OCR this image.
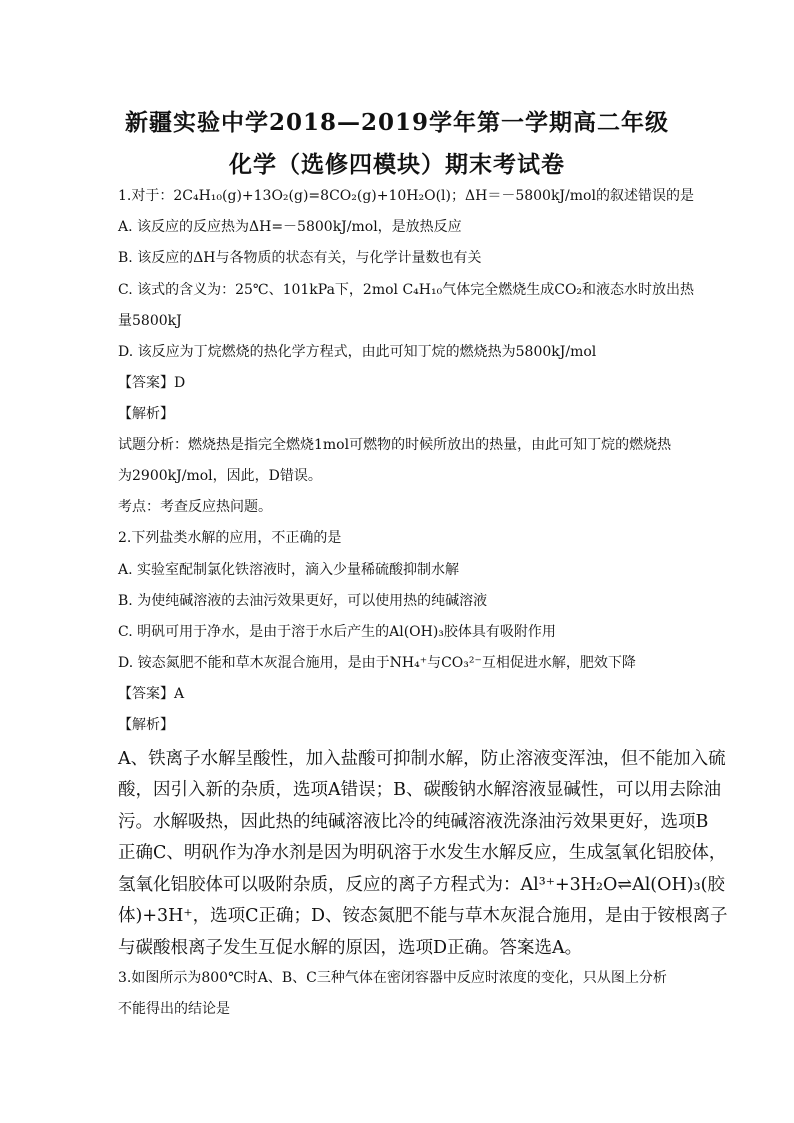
新疆实验中学2018—2019学年第一学期高二年级
化学（选修四模块）期末考试卷
1.对于：2C₄H₁₀(g)+13O₂(g)=8CO₂(g)+10H₂O(l)；ΔH＝－5800kJ/mol的叙述错误的是
A. 该反应的反应热为ΔH=－5800kJ/mol，是放热反应
B. 该反应的ΔH与各物质的状态有关，与化学计量数也有关
C. 该式的含义为：25℃、101kPa下，2mol C₄H₁₀气体完全燃烧生成CO₂和液态水时放出热
量5800kJ
D. 该反应为丁烷燃烧的热化学方程式，由此可知丁烷的燃烧热为5800kJ/mol
【答案】D
【解析】
试题分析：燃烧热是指完全燃烧1mol可燃物的时候所放出的热量，由此可知丁烷的燃烧热
为2900kJ/mol，因此，D错误。
考点：考查反应热问题。
2.下列盐类水解的应用，不正确的是
A. 实验室配制氯化铁溶液时，滴入少量稀硫酸抑制水解
B. 为使纯碱溶液的去油污效果更好，可以使用热的纯碱溶液
C. 明矾可用于净水，是由于溶于水后产生的Al(OH)₃胶体具有吸附作用
D. 铵态氮肥不能和草木灰混合施用，是由于NH₄⁺与CO₃²⁻互相促进水解，肥效下降
【答案】A
【解析】
A、铁离子水解呈酸性，加入盐酸可抑制水解，防止溶液变浑浊，但不能加入硫
酸，因引入新的杂质，选项A错误；B、碳酸钠水解溶液显碱性，可以用去除油
污。水解吸热，因此热的纯碱溶液比冷的纯碱溶液洗涤油污效果更好，选项B
正确C、明矾作为净水剂是因为明矾溶于水发生水解反应，生成氢氧化铝胶体，
氢氧化铝胶体可以吸附杂质，反应的离子方程式为：Al³⁺+3H₂O⇌Al(OH)₃(胶
体)+3H⁺，选项C正确；D、铵态氮肥不能与草木灰混合施用，是由于铵根离子
与碳酸根离子发生互促水解的原因，选项D正确。答案选A。
3.如图所示为800℃时A、B、C三种气体在密闭容器中反应时浓度的变化，只从图上分析
不能得出的结论是
